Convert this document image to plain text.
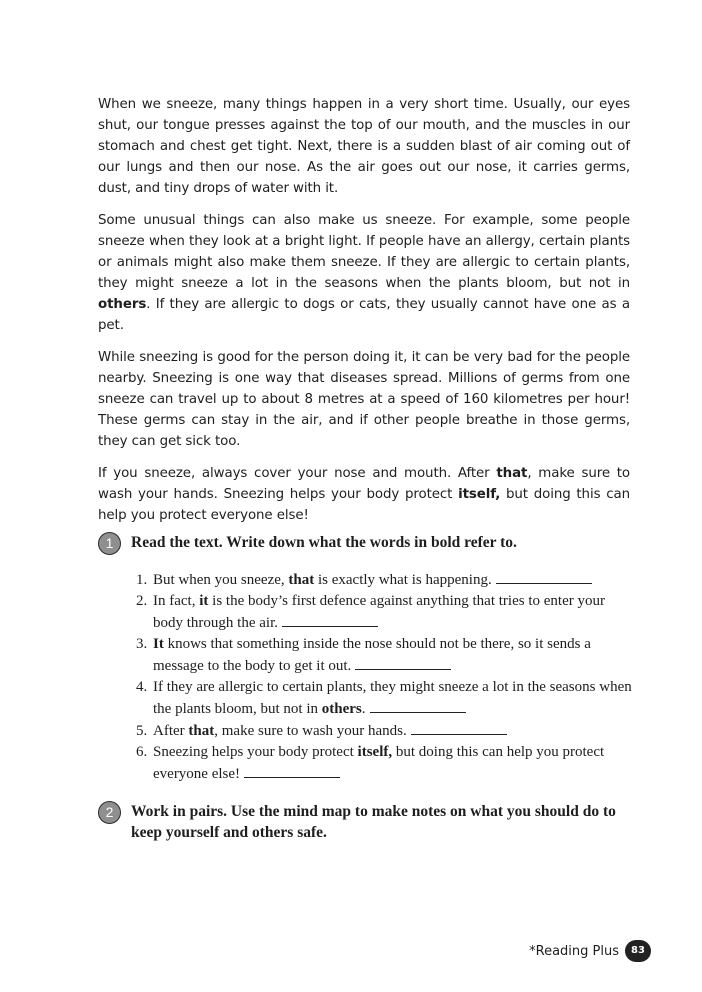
When we sneeze, many things happen in a very short time. Usually, our eyes shut, our tongue presses against the top of our mouth, and the muscles in our stomach and chest get tight. Next, there is a sudden blast of air coming out of our lungs and then our nose. As the air goes out our nose, it carries germs, dust, and tiny drops of water with it.

Some unusual things can also make us sneeze. For example, some people sneeze when they look at a bright light. If people have an allergy, certain plants or animals might also make them sneeze. If they are allergic to certain plants, they might sneeze a lot in the seasons when the plants bloom, but not in others. If they are allergic to dogs or cats, they usually cannot have one as a pet.

While sneezing is good for the person doing it, it can be very bad for the people nearby. Sneezing is one way that diseases spread. Millions of germs from one sneeze can travel up to about 8 metres at a speed of 160 kilometres per hour! These germs can stay in the air, and if other people breathe in those germs, they can get sick too.

If you sneeze, always cover your nose and mouth. After that, make sure to wash your hands. Sneezing helps your body protect itself, but doing this can help you protect everyone else!

1	Read the text. Write down what the words in bold refer to.
1. But when you sneeze, that is exactly what is happening.
2. In fact, it is the body’s first defence against anything that tries to enter your body through the air.
3. It knows that something inside the nose should not be there, so it sends a message to the body to get it out.
4. If they are allergic to certain plants, they might sneeze a lot in the seasons when the plants bloom, but not in others.
5. After that, make sure to wash your hands.
6. Sneezing helps your body protect itself, but doing this can help you protect everyone else!
2	Work in pairs. Use the mind map to make notes on what you should do to keep yourself and others safe.
*Reading Plus	83
